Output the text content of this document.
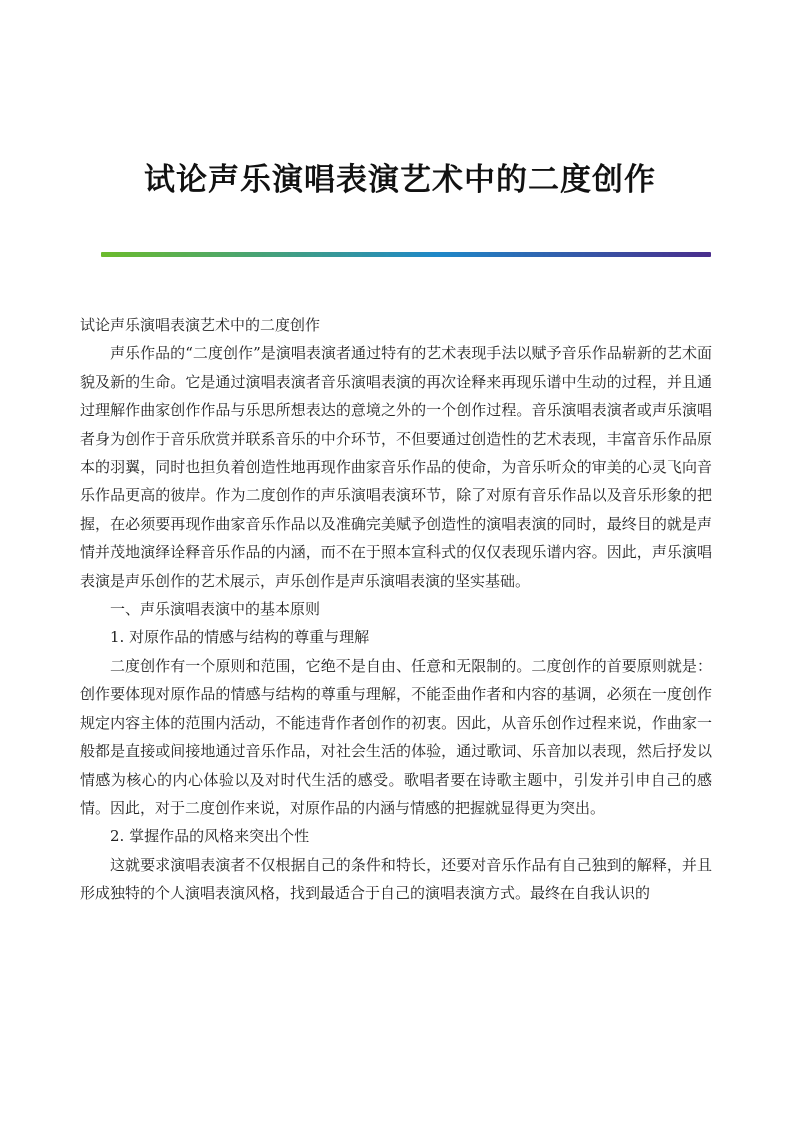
试论声乐演唱表演艺术中的二度创作

试论声乐演唱表演艺术中的二度创作

声乐作品的“二度创作”是演唱表演者通过特有的艺术表现手法以赋予音乐作品崭新的艺术面貌及新的生命。它是通过演唱表演者音乐演唱表演的再次诠释来再现乐谱中生动的过程，并且通过理解作曲家创作作品与乐思所想表达的意境之外的一个创作过程。音乐演唱表演者或声乐演唱者身为创作于音乐欣赏并联系音乐的中介环节，不但要通过创造性的艺术表现，丰富音乐作品原本的羽翼，同时也担负着创造性地再现作曲家音乐作品的使命，为音乐听众的审美的心灵飞向音乐作品更高的彼岸。作为二度创作的声乐演唱表演环节，除了对原有音乐作品以及音乐形象的把握，在必须要再现作曲家音乐作品以及准确完美赋予创造性的演唱表演的同时，最终目的就是声情并茂地演绎诠释音乐作品的内涵，而不在于照本宣科式的仅仅表现乐谱内容。因此，声乐演唱表演是声乐创作的艺术展示，声乐创作是声乐演唱表演的坚实基础。

一、声乐演唱表演中的基本原则

1. 对原作品的情感与结构的尊重与理解

二度创作有一个原则和范围，它绝不是自由、任意和无限制的。二度创作的首要原则就是：创作要体现对原作品的情感与结构的尊重与理解，不能歪曲作者和内容的基调，必须在一度创作规定内容主体的范围内活动，不能违背作者创作的初衷。因此，从音乐创作过程来说，作曲家一般都是直接或间接地通过音乐作品，对社会生活的体验，通过歌词、乐音加以表现，然后抒发以情感为核心的内心体验以及对时代生活的感受。歌唱者要在诗歌主题中，引发并引申自己的感情。因此，对于二度创作来说，对原作品的内涵与情感的把握就显得更为突出。

2. 掌握作品的风格来突出个性

这就要求演唱表演者不仅根据自己的条件和特长，还要对音乐作品有自己独到的解释，并且形成独特的个人演唱表演风格，找到最适合于自己的演唱表演方式。最终在自我认识的
